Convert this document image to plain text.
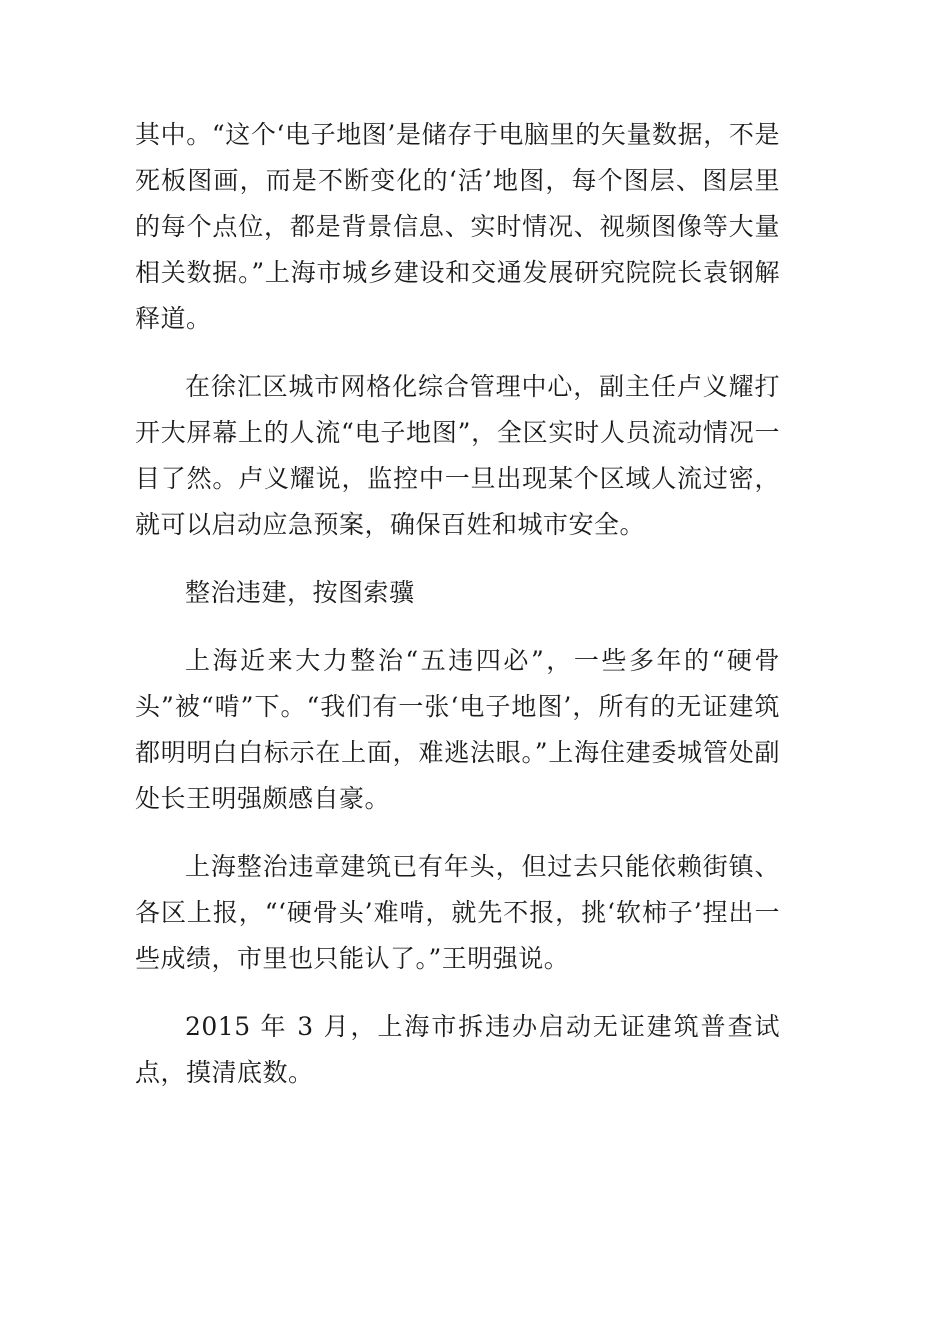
其中。“这个‘电子地图’是储存于电脑里的矢量数据，不是死板图画，而是不断变化的‘活’地图，每个图层、图层里的每个点位，都是背景信息、实时情况、视频图像等大量相关数据。”上海市城乡建设和交通发展研究院院长袁钢解释道。

在徐汇区城市网格化综合管理中心，副主任卢义耀打开大屏幕上的人流“电子地图”，全区实时人员流动情况一目了然。卢义耀说，监控中一旦出现某个区域人流过密，就可以启动应急预案，确保百姓和城市安全。

整治违建，按图索骥

上海近来大力整治“五违四必”，一些多年的“硬骨头”被“啃”下。“我们有一张‘电子地图’，所有的无证建筑都明明白白标示在上面，难逃法眼。”上海住建委城管处副处长王明强颇感自豪。

上海整治违章建筑已有年头，但过去只能依赖街镇、各区上报，“‘硬骨头’难啃，就先不报，挑‘软柿子’捏出一些成绩，市里也只能认了。”王明强说。

2015 年 3 月，上海市拆违办启动无证建筑普查试点，摸清底数。
